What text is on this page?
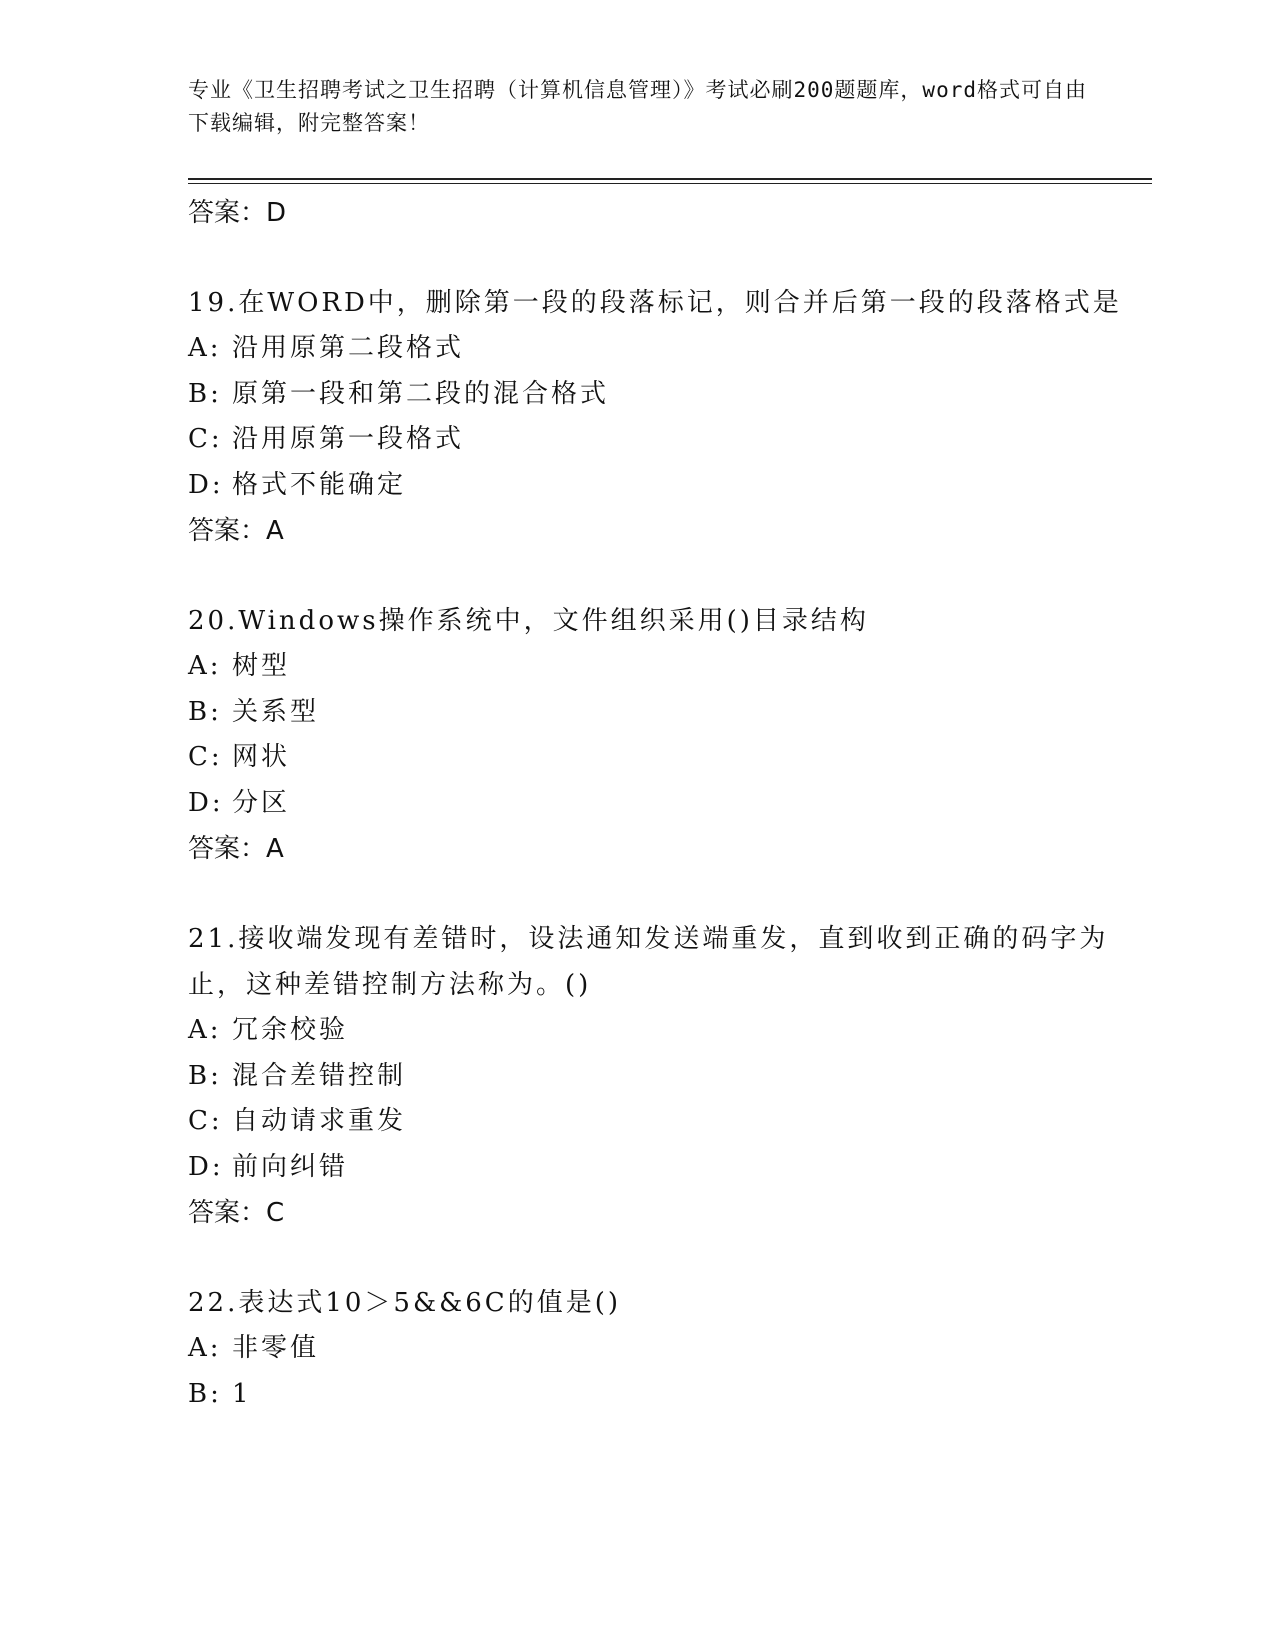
专业《卫生招聘考试之卫生招聘（计算机信息管理）》考试必刷200题题库，word格式可自由下载编辑，附完整答案！
答案：D
19.在WORD中，删除第一段的段落标记，则合并后第一段的段落格式是
A: 沿用原第二段格式
B: 原第一段和第二段的混合格式
C: 沿用原第一段格式
D: 格式不能确定
答案：A
20.Windows操作系统中，文件组织采用()目录结构
A: 树型
B: 关系型
C: 网状
D: 分区
答案：A
21.接收端发现有差错时，设法通知发送端重发，直到收到正确的码字为止，这种差错控制方法称为。()
A: 冗余校验
B: 混合差错控制
C: 自动请求重发
D: 前向纠错
答案：C
22.表达式10＞5&&6C的值是()
A: 非零值
B: 1
